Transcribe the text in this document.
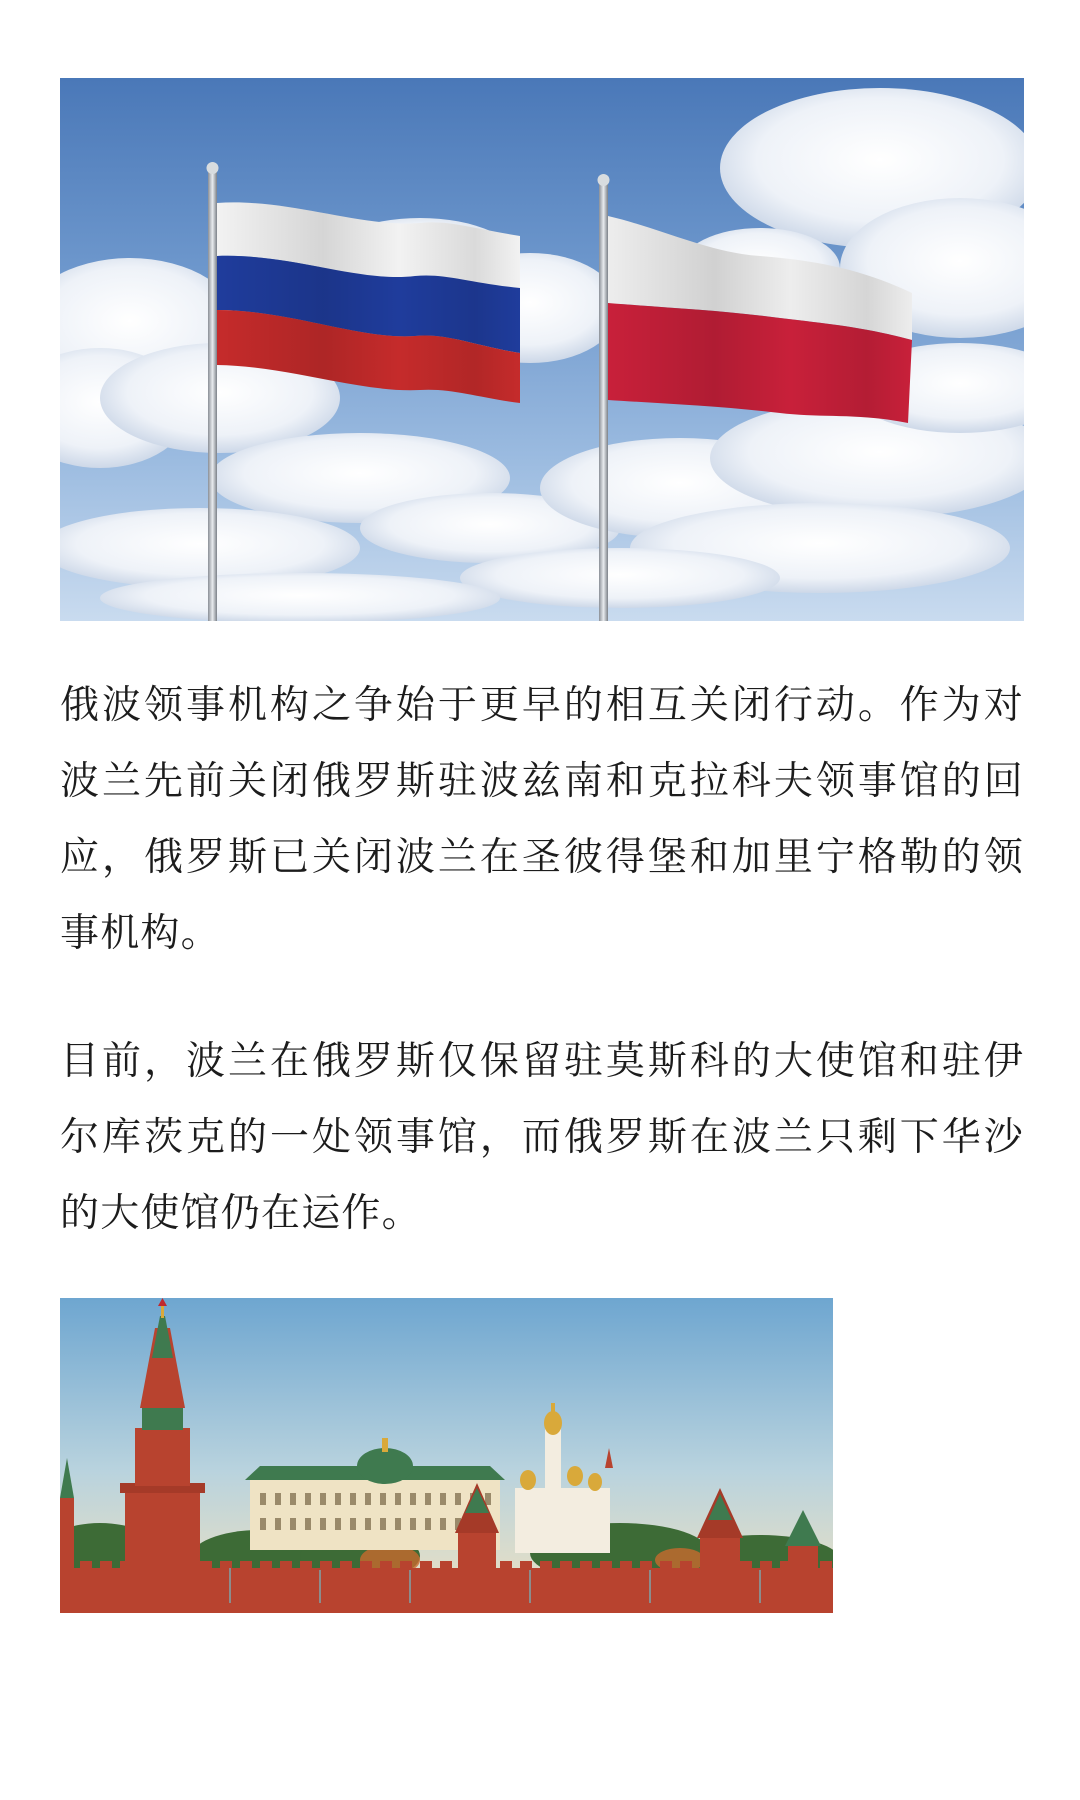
俄波领事机构之争始于更早的相互关闭行动。作为对波兰先前关闭俄罗斯驻波兹南和克拉科夫领事馆的回应，俄罗斯已关闭波兰在圣彼得堡和加里宁格勒的领事机构。

目前，波兰在俄罗斯仅保留驻莫斯科的大使馆和驻伊尔库茨克的一处领事馆，而俄罗斯在波兰只剩下华沙的大使馆仍在运作。
